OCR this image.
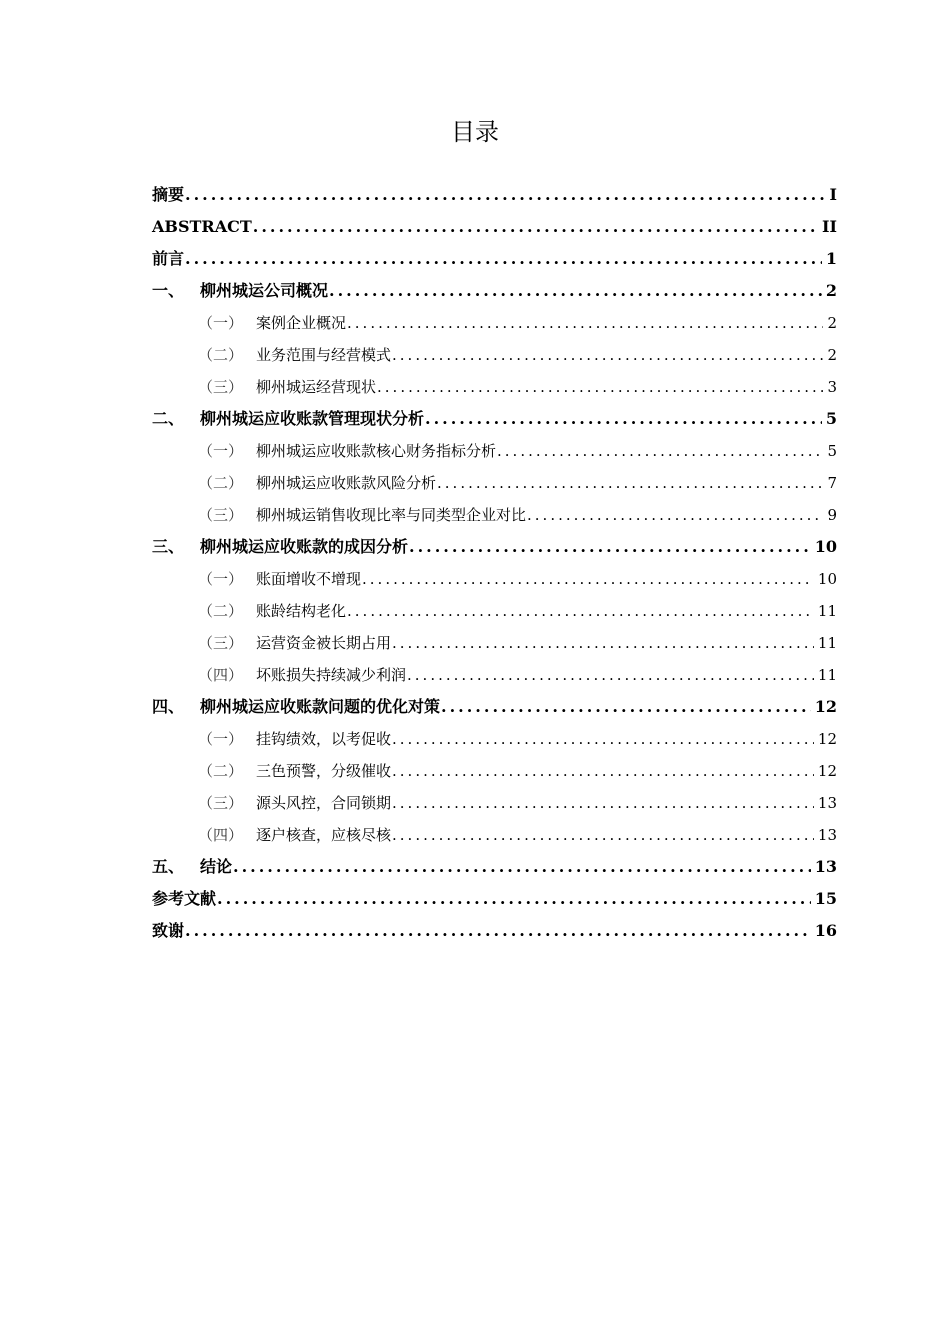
目录
摘要 .....	I
ABSTRACT .....	II
前言 .....	1
一、 柳州城运公司概况 .....	2
（一） 案例企业概况 .....	2
（二） 业务范围与经营模式 .....	2
（三） 柳州城运经营现状 .....	3
二、 柳州城运应收账款管理现状分析 .....	5
（一） 柳州城运应收账款核心财务指标分析 .....	5
（二） 柳州城运应收账款风险分析 .....	7
（三） 柳州城运销售收现比率与同类型企业对比 .....	9
三、 柳州城运应收账款的成因分析 .....	10
（一） 账面增收不增现 .....	10
（二） 账龄结构老化 .....	11
（三） 运营资金被长期占用 .....	11
（四） 坏账损失持续减少利润 .....	11
四、 柳州城运应收账款问题的优化对策 .....	12
（一） 挂钩绩效，以考促收 .....	12
（二） 三色预警，分级催收 .....	12
（三） 源头风控，合同锁期 .....	13
（四） 逐户核查，应核尽核 .....	13
五、 结论 .....	13
参考文献 .....	15
致谢 .....	16
